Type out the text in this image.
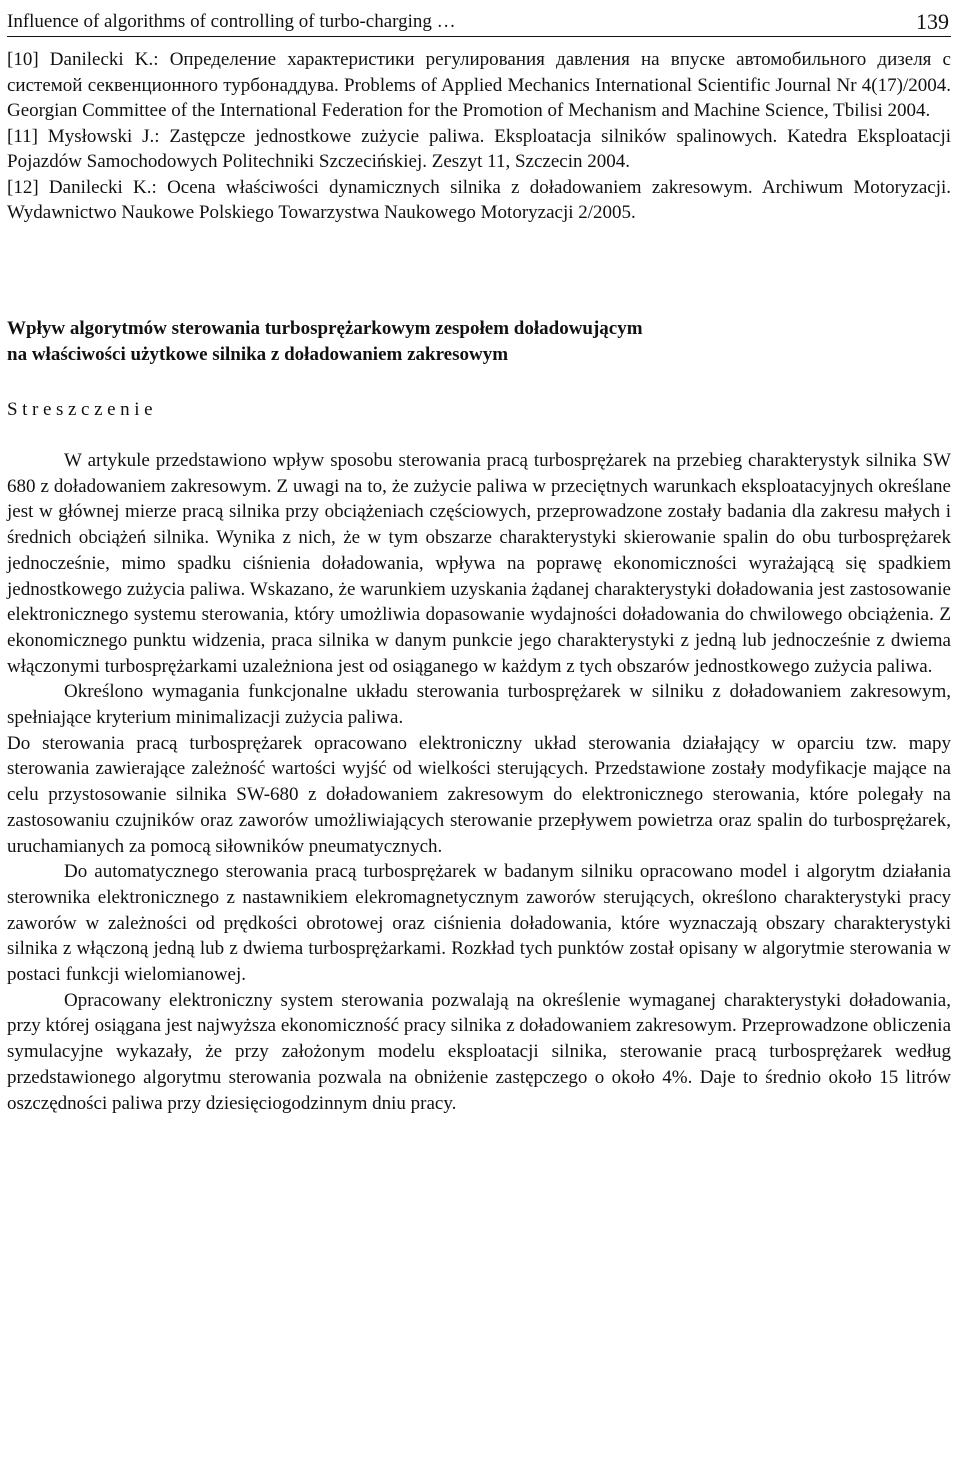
Influence of algorithms of controlling of turbo-charging …	139

[10] Danilecki K.: Определение характеристики регулирования давления на впуске автомобильного дизеля с системой секвенционного турбонаддува. Problems of Applied Mechanics International Scientific Journal Nr 4(17)/2004. Georgian Committee of the International Federation for the Promotion of Mechanism and Machine Science, Tbilisi 2004.

[11] Mysłowski J.: Zastępcze jednostkowe zużycie paliwa. Eksploatacja silników spalinowych. Katedra Eksploatacji Pojazdów Samochodowych Politechniki Szczecińskiej. Zeszyt 11, Szczecin 2004.

[12] Danilecki K.: Ocena właściwości dynamicznych silnika z doładowaniem zakresowym. Archiwum Motoryzacji. Wydawnictwo Naukowe Polskiego Towarzystwa Naukowego Motoryzacji 2/2005.

Wpływ algorytmów sterowania turbosprężarkowym zespołem doładowującym
na właściwości użytkowe silnika z doładowaniem zakresowym
Streszczenie

W artykule przedstawiono wpływ sposobu sterowania pracą turbosprężarek na przebieg charakterystyk silnika SW 680 z doładowaniem zakresowym. Z uwagi na to, że zużycie paliwa w przeciętnych warunkach eksploatacyjnych określane jest w głównej mierze pracą silnika przy obciążeniach częściowych, przeprowadzone zostały badania dla zakresu małych i średnich obciążeń silnika. Wynika z nich, że w tym obszarze charakterystyki skierowanie spalin do obu turbosprężarek jednocześnie, mimo spadku ciśnienia doładowania, wpływa na poprawę ekonomiczności wyrażającą się spadkiem jednostkowego zużycia paliwa. Wskazano, że warunkiem uzyskania żądanej charakterystyki doładowania jest zastosowanie elektronicznego systemu sterowania, który umożliwia dopasowanie wydajności doładowania do chwilowego obciążenia. Z ekonomicznego punktu widzenia, praca silnika w danym punkcie jego charakterystyki z jedną lub jednocześnie z dwiema włączonymi turbosprężarkami uzależniona jest od osiąganego w każdym z tych obszarów jednostkowego zużycia paliwa.

Określono wymagania funkcjonalne układu sterowania turbosprężarek w silniku z doładowaniem zakresowym, spełniające kryterium minimalizacji zużycia paliwa.

Do sterowania pracą turbosprężarek opracowano elektroniczny układ sterowania działający w oparciu tzw. mapy sterowania zawierające zależność wartości wyjść od wielkości sterujących. Przedstawione zostały modyfikacje mające na celu przystosowanie silnika SW-680 z doładowaniem zakresowym do elektronicznego sterowania, które polegały na zastosowaniu czujników oraz zaworów umożliwiających sterowanie przepływem powietrza oraz spalin do turbosprężarek, uruchamianych za pomocą siłowników pneumatycznych.

Do automatycznego sterowania pracą turbosprężarek w badanym silniku opracowano model i algorytm działania sterownika elektronicznego z nastawnikiem elekromagnetycznym zaworów sterujących, określono charakterystyki pracy zaworów w zależności od prędkości obrotowej oraz ciśnienia doładowania, które wyznaczają obszary charakterystyki silnika z włączoną jedną lub z dwiema turbosprężarkami. Rozkład tych punktów został opisany w algorytmie sterowania w postaci funkcji wielomianowej.

Opracowany elektroniczny system sterowania pozwalają na określenie wymaganej charakterystyki doładowania, przy której osiągana jest najwyższa ekonomiczność pracy silnika z doładowaniem zakresowym. Przeprowadzone obliczenia symulacyjne wykazały, że przy założonym modelu eksploatacji silnika, sterowanie pracą turbosprężarek według przedstawionego algorytmu sterowania pozwala na obniżenie zastępczego o około 4%. Daje to średnio około 15 litrów oszczędności paliwa przy dziesięciogodzinnym dniu pracy.
